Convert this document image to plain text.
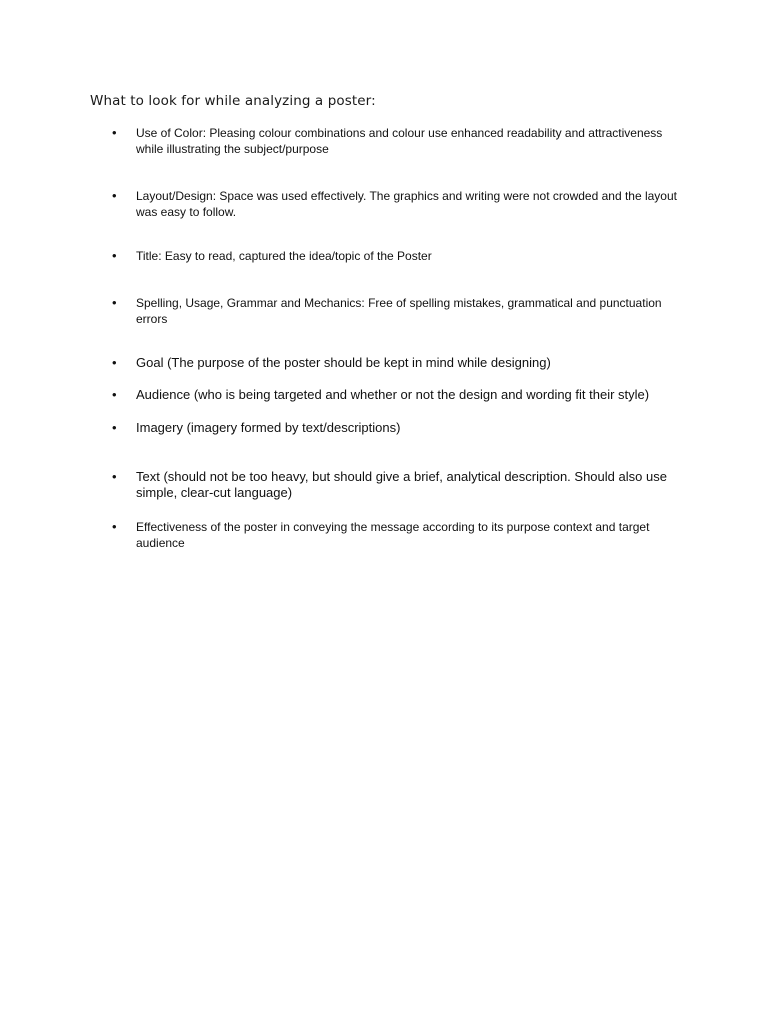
What to look for while analyzing a poster:
• Use of Color: Pleasing colour combinations and colour use enhanced readability and attractiveness while illustrating the subject/purpose
• Layout/Design: Space was used effectively. The graphics and writing were not crowded and the layout was easy to follow.
• Title: Easy to read, captured the idea/topic of the Poster
• Spelling, Usage, Grammar and Mechanics: Free of spelling mistakes, grammatical and punctuation errors
• Goal (The purpose of the poster should be kept in mind while designing)
• Audience (who is being targeted and whether or not the design and wording fit their style)
• Imagery (imagery formed by text/descriptions)
• Text (should not be too heavy, but should give a brief, analytical description. Should also use simple, clear-cut language)
• Effectiveness of the poster in conveying the message according to its purpose context and target audience
